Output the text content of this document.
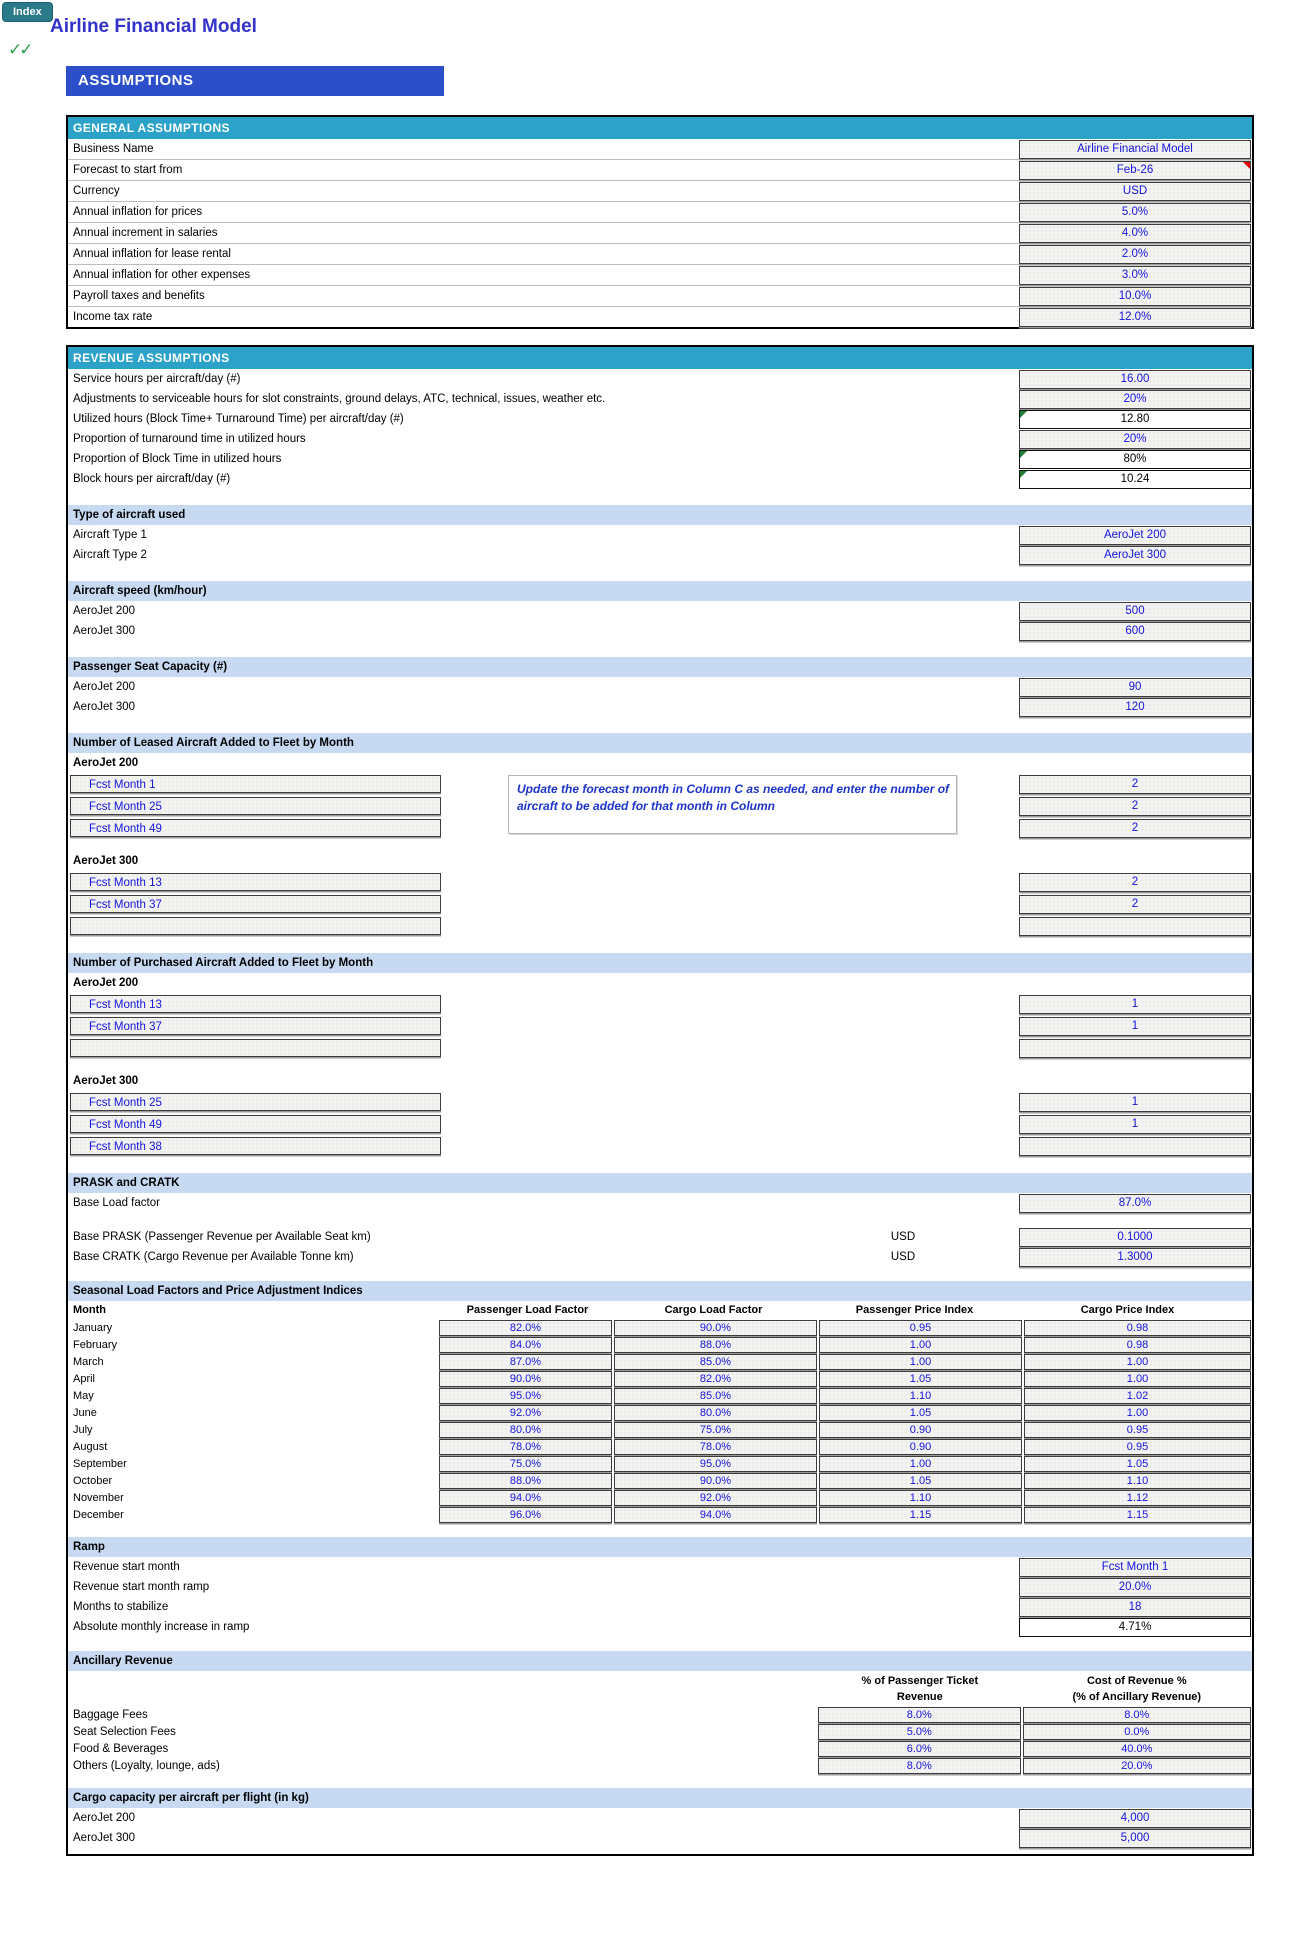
Index
Airline Financial Model
✓✓
ASSUMPTIONS
GENERAL ASSUMPTIONS
Business Name	Airline Financial Model
Forecast to start from	Feb-26
Currency	USD
Annual inflation for prices	5.0%
Annual increment in salaries	4.0%
Annual inflation for lease rental	2.0%
Annual inflation for other expenses	3.0%
Payroll taxes and benefits	10.0%
Income tax rate	12.0%
REVENUE ASSUMPTIONS
Service hours per aircraft/day (#)	16.00
Adjustments to serviceable hours for slot constraints, ground delays, ATC, technical, issues, weather etc.	20%
Utilized hours (Block Time+ Turnaround Time) per aircraft/day (#)	12.80
Proportion of turnaround time in utilized hours	20%
Proportion of Block Time in utilized hours	80%
Block hours per aircraft/day (#)	10.24
Type of aircraft used
Aircraft Type 1	AeroJet 200
Aircraft Type 2	AeroJet 300
Aircraft speed (km/hour)
AeroJet 200	500
AeroJet 300	600
Passenger Seat Capacity (#)
AeroJet 200	90
AeroJet 300	120
Number of Leased Aircraft Added to Fleet by Month
AeroJet 200
Fcst Month 1	2
Fcst Month 25	2
Fcst Month 49	2
Update the forecast month in Column C as needed, and enter the number of aircraft to be added for that month in Column
AeroJet 300
Fcst Month 13	2
Fcst Month 37	2
Number of Purchased Aircraft Added to Fleet by Month
AeroJet 200
Fcst Month 13	1
Fcst Month 37	1
AeroJet 300
Fcst Month 25	1
Fcst Month 49	1
Fcst Month 38
PRASK and CRATK
Base Load factor	87.0%
Base PRASK (Passenger Revenue per Available Seat km)	USD	0.1000
Base CRATK (Cargo Revenue per Available Tonne km)	USD	1.3000
Seasonal Load Factors and Price Adjustment Indices
Month	Passenger Load Factor	Cargo Load Factor	Passenger Price Index	Cargo Price Index
January	82.0%	90.0%	0.95	0.98
February	84.0%	88.0%	1.00	0.98
March	87.0%	85.0%	1.00	1.00
April	90.0%	82.0%	1.05	1.00
May	95.0%	85.0%	1.10	1.02
June	92.0%	80.0%	1.05	1.00
July	80.0%	75.0%	0.90	0.95
August	78.0%	78.0%	0.90	0.95
September	75.0%	95.0%	1.00	1.05
October	88.0%	90.0%	1.05	1.10
November	94.0%	92.0%	1.10	1.12
December	96.0%	94.0%	1.15	1.15
Ramp
Revenue start month	Fcst Month 1
Revenue start month ramp	20.0%
Months to stabilize	18
Absolute monthly increase in ramp	4.71%
Ancillary Revenue
% of Passenger Ticket
Revenue
Cost of Revenue %
(% of Ancillary Revenue)
Baggage Fees	8.0%	8.0%
Seat Selection Fees	5.0%	0.0%
Food & Beverages	6.0%	40.0%
Others (Loyalty, lounge, ads)	8.0%	20.0%
Cargo capacity per aircraft per flight (in kg)
AeroJet 200	4,000
AeroJet 300	5,000
